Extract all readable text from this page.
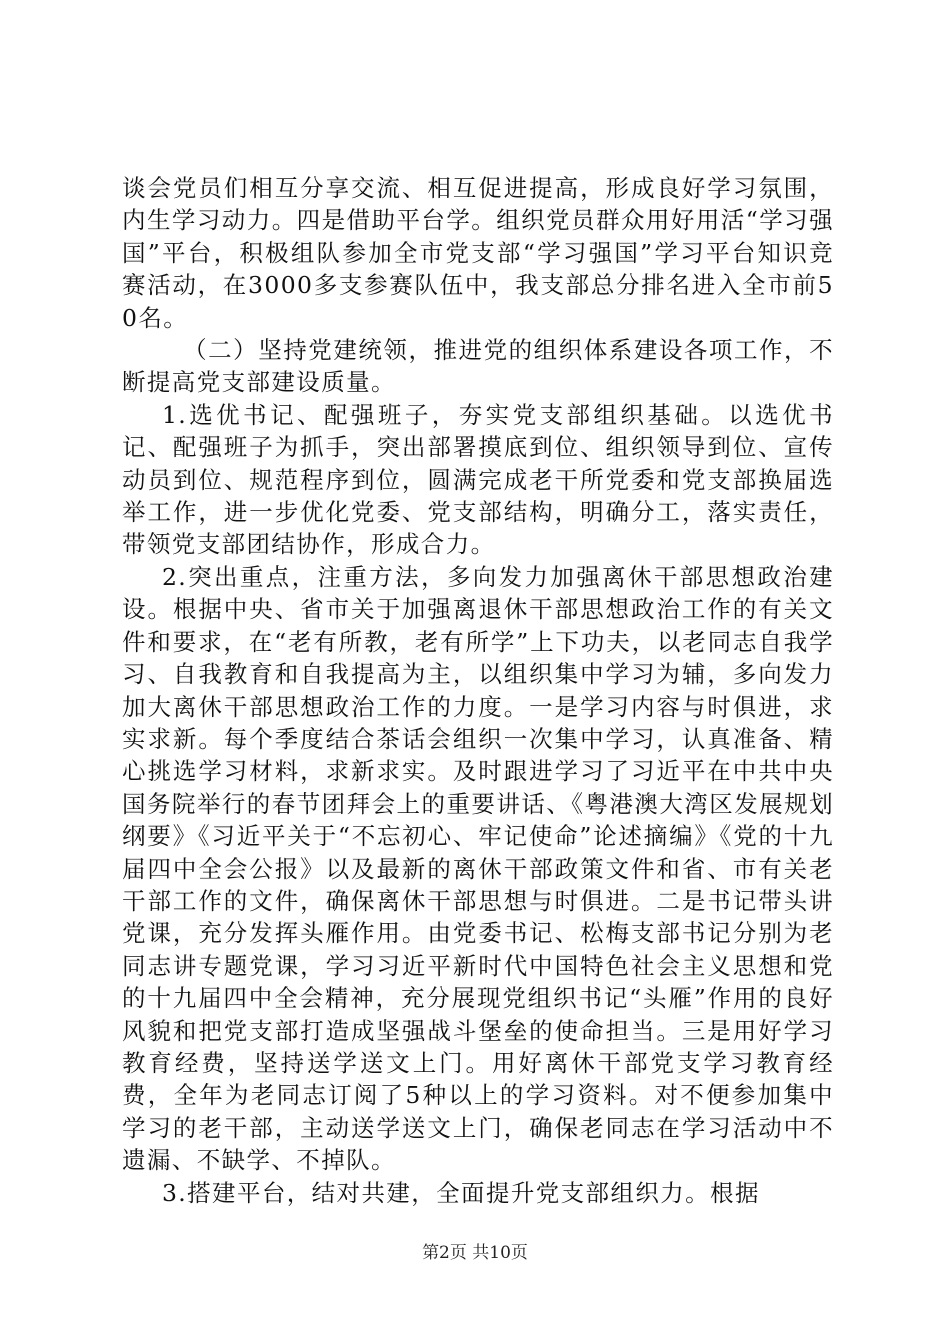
谈会党员们相互分享交流、相互促进提高，形成良好学习氛围，内生学习动力。四是借助平台学。组织党员群众用好用活“学习强国”平台，积极组队参加全市党支部“学习强国”学习平台知识竞赛活动，在3000多支参赛队伍中，我支部总分排名进入全市前50名。

（二）坚持党建统领，推进党的组织体系建设各项工作，不断提高党支部建设质量。

1.选优书记、配强班子，夯实党支部组织基础。以选优书记、配强班子为抓手，突出部署摸底到位、组织领导到位、宣传动员到位、规范程序到位，圆满完成老干所党委和党支部换届选举工作，进一步优化党委、党支部结构，明确分工，落实责任，带领党支部团结协作，形成合力。

2.突出重点，注重方法，多向发力加强离休干部思想政治建设。根据中央、省市关于加强离退休干部思想政治工作的有关文件和要求，在“老有所教，老有所学”上下功夫，以老同志自我学习、自我教育和自我提高为主，以组织集中学习为辅，多向发力加大离休干部思想政治工作的力度。一是学习内容与时俱进，求实求新。每个季度结合茶话会组织一次集中学习，认真准备、精心挑选学习材料，求新求实。及时跟进学习了习近平在中共中央国务院举行的春节团拜会上的重要讲话、《粤港澳大湾区发展规划纲要》《习近平关于“不忘初心、牢记使命”论述摘编》《党的十九届四中全会公报》以及最新的离休干部政策文件和省、市有关老干部工作的文件，确保离休干部思想与时俱进。二是书记带头讲党课，充分发挥头雁作用。由党委书记、松梅支部书记分别为老同志讲专题党课，学习习近平新时代中国特色社会主义思想和党的十九届四中全会精神，充分展现党组织书记“头雁”作用的良好风貌和把党支部打造成坚强战斗堡垒的使命担当。三是用好学习教育经费，坚持送学送文上门。用好离休干部党支学习教育经费，全年为老同志订阅了5种以上的学习资料。对不便参加集中学习的老干部，主动送学送文上门，确保老同志在学习活动中不遗漏、不缺学、不掉队。

3.搭建平台，结对共建，全面提升党支部组织力。根据

第2页 共10页
